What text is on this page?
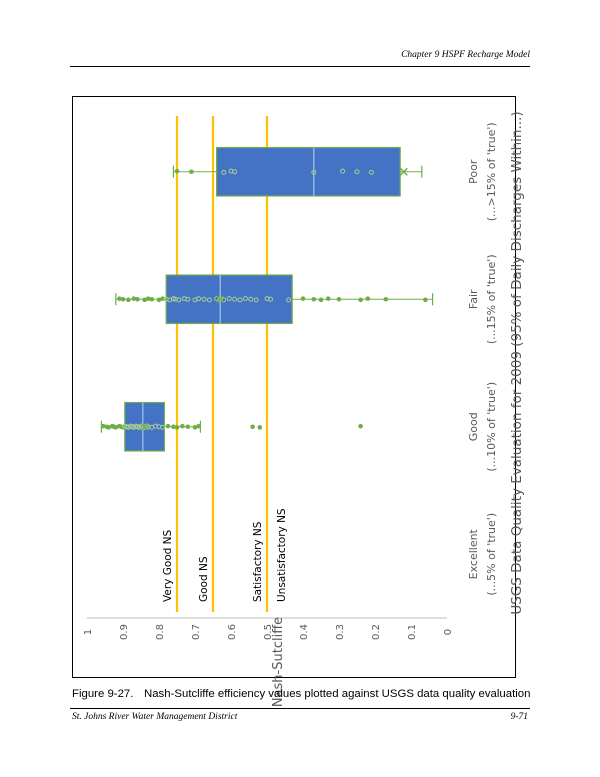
Chapter 9 HSPF Recharge Model
0
0.1
0.2
0.3
0.4
0.5
0.6
0.7
0.8
0.9
1	Nash-Sutcliffe
Very Good NS Good NS	Satisfactory NS Unsatisfactory NS	Excellent (...5% of 'true')
Good (...10% of 'true')
Fair (...15% of 'true')
Poor (...>15% of 'true') USGS Data Quality Evaluation for 2009 (95% of Daily Discharges Within...)
Figure 9-27. Nash-Sutcliffe efficiency values plotted against USGS data quality evaluation
St. Johns River Water Management District	9-71
